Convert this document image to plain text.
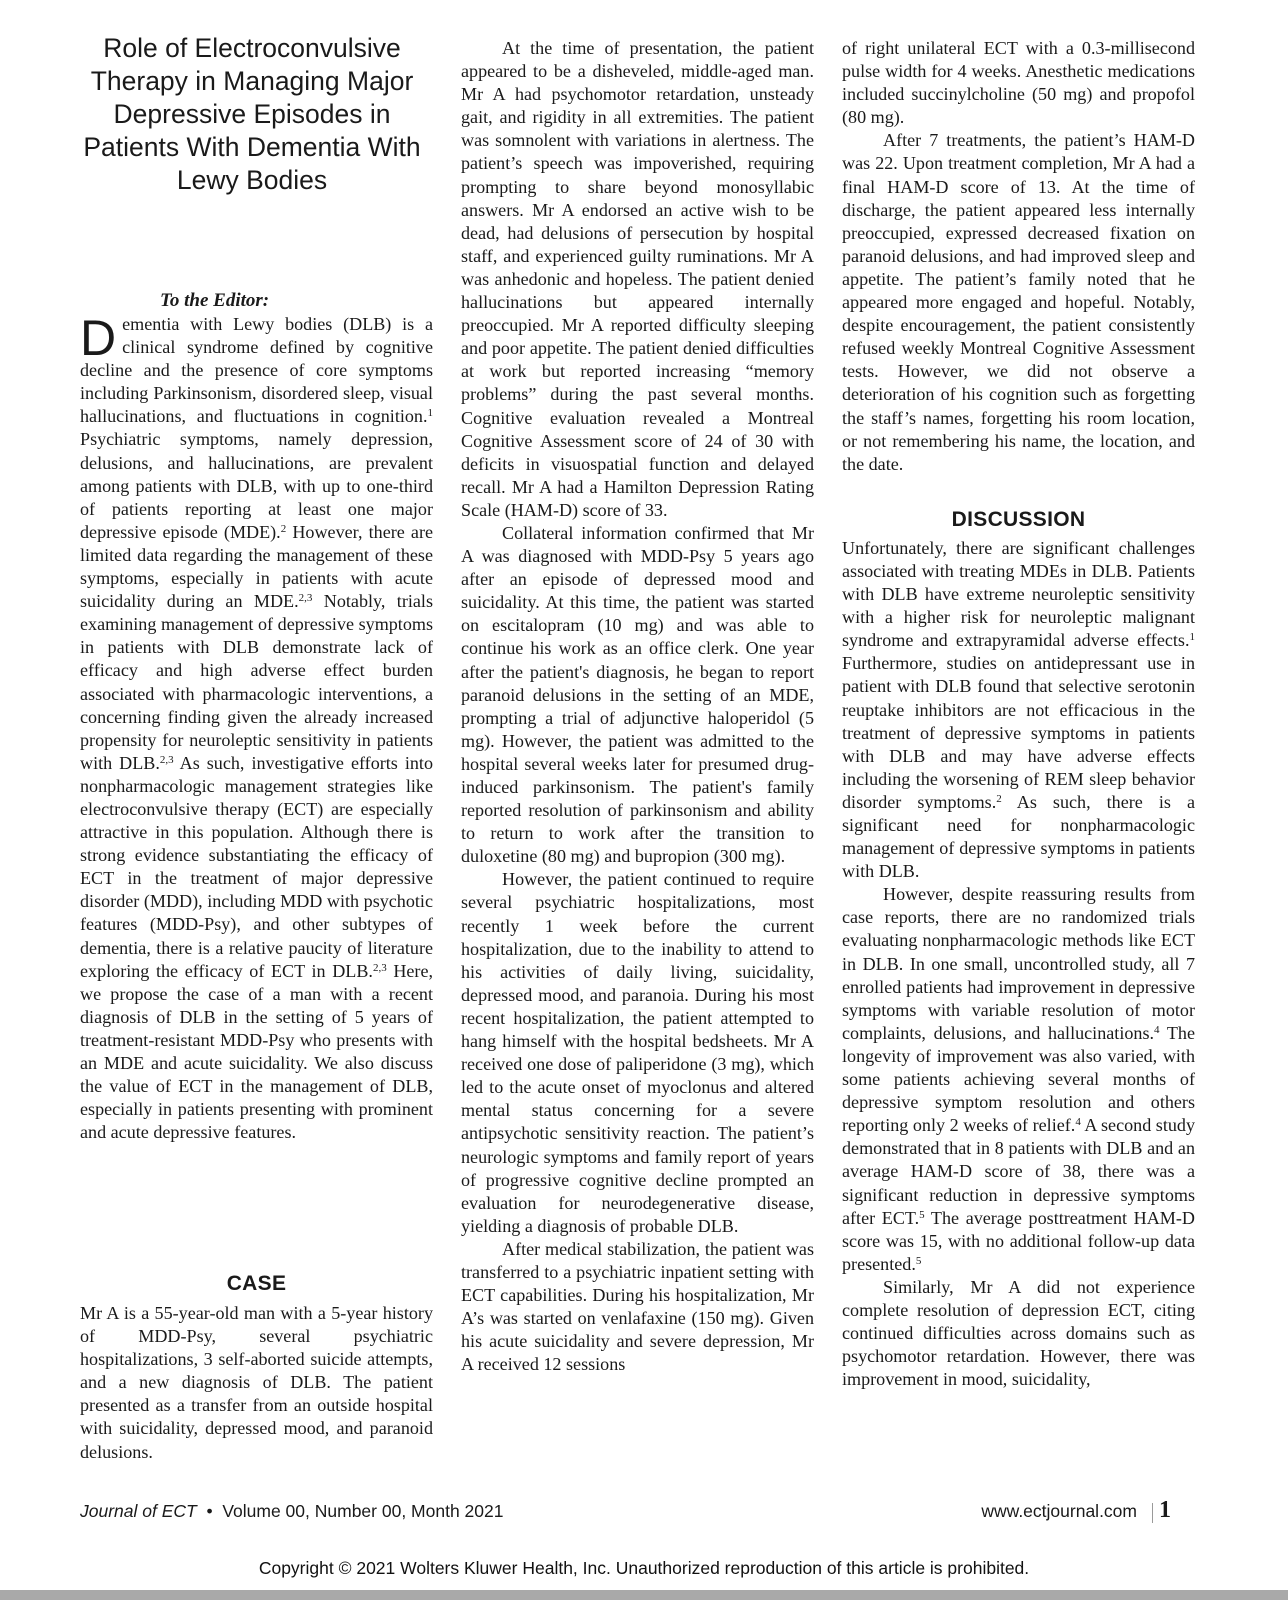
Role of Electroconvulsive Therapy in Managing Major Depressive Episodes in Patients With Dementia With Lewy Bodies
To the Editor:

Dementia with Lewy bodies (DLB) is a clinical syndrome defined by cognitive decline and the presence of core symptoms including Parkinsonism, disordered sleep, visual hallucinations, and fluctuations in cognition.$^1$ Psychiatric symptoms, namely depression, delusions, and hallucinations, are prevalent among patients with DLB, with up to one-third of patients reporting at least one major depressive episode (MDE).$^2$ However, there are limited data regarding the management of these symptoms, especially in patients with acute suicidality during an MDE.$^{2,3}$ Notably, trials examining management of depressive symptoms in patients with DLB demonstrate lack of efficacy and high adverse effect burden associated with pharmacologic interventions, a concerning finding given the already increased propensity for neuroleptic sensitivity in patients with DLB.$^{2,3}$ As such, investigative efforts into nonpharmacologic management strategies like electroconvulsive therapy (ECT) are especially attractive in this population. Although there is strong evidence substantiating the efficacy of ECT in the treatment of major depressive disorder (MDD), including MDD with psychotic features (MDD-Psy), and other subtypes of dementia, there is a relative paucity of literature exploring the efficacy of ECT in DLB.$^{2,3}$ Here, we propose the case of a man with a recent diagnosis of DLB in the setting of 5 years of treatment-resistant MDD-Psy who presents with an MDE and acute suicidality. We also discuss the value of ECT in the management of DLB, especially in patients presenting with prominent and acute depressive features.

CASE

Mr A is a 55-year-old man with a 5-year history of MDD-Psy, several psychiatric hospitalizations, 3 self-aborted suicide attempts, and a new diagnosis of DLB. The patient presented as a transfer from an outside hospital with suicidality, depressed mood, and paranoid delusions.

At the time of presentation, the patient appeared to be a disheveled, middle-aged man. Mr A had psychomotor retardation, unsteady gait, and rigidity in all extremities. The patient was somnolent with variations in alertness. The patient’s speech was impoverished, requiring prompting to share beyond monosyllabic answers. Mr A endorsed an active wish to be dead, had delusions of persecution by hospital staff, and experienced guilty ruminations. Mr A was anhedonic and hopeless. The patient denied hallucinations but appeared internally preoccupied. Mr A reported difficulty sleeping and poor appetite. The patient denied difficulties at work but reported increasing “memory problems” during the past several months. Cognitive evaluation revealed a Montreal Cognitive Assessment score of 24 of 30 with deficits in visuospatial function and delayed recall. Mr A had a Hamilton Depression Rating Scale (HAM-D) score of 33.

Collateral information confirmed that Mr A was diagnosed with MDD-Psy 5 years ago after an episode of depressed mood and suicidality. At this time, the patient was started on escitalopram (10 mg) and was able to continue his work as an office clerk. One year after the patient's diagnosis, he began to report paranoid delusions in the setting of an MDE, prompting a trial of adjunctive haloperidol (5 mg). However, the patient was admitted to the hospital several weeks later for presumed drug-induced parkinsonism. The patient's family reported resolution of parkinsonism and ability to return to work after the transition to duloxetine (80 mg) and bupropion (300 mg).

However, the patient continued to require several psychiatric hospitalizations, most recently 1 week before the current hospitalization, due to the inability to attend to his activities of daily living, suicidality, depressed mood, and paranoia. During his most recent hospitalization, the patient attempted to hang himself with the hospital bedsheets. Mr A received one dose of paliperidone (3 mg), which led to the acute onset of myoclonus and altered mental status concerning for a severe antipsychotic sensitivity reaction. The patient’s neurologic symptoms and family report of years of progressive cognitive decline prompted an evaluation for neurodegenerative disease, yielding a diagnosis of probable DLB.

After medical stabilization, the patient was transferred to a psychiatric inpatient setting with ECT capabilities. During his hospitalization, Mr A’s was started on venlafaxine (150 mg). Given his acute suicidality and severe depression, Mr A received 12 sessions

of right unilateral ECT with a 0.3-millisecond pulse width for 4 weeks. Anesthetic medications included succinylcholine (50 mg) and propofol (80 mg).

After 7 treatments, the patient’s HAM-D was 22. Upon treatment completion, Mr A had a final HAM-D score of 13. At the time of discharge, the patient appeared less internally preoccupied, expressed decreased fixation on paranoid delusions, and had improved sleep and appetite. The patient’s family noted that he appeared more engaged and hopeful. Notably, despite encouragement, the patient consistently refused weekly Montreal Cognitive Assessment tests. However, we did not observe a deterioration of his cognition such as forgetting the staff’s names, forgetting his room location, or not remembering his name, the location, and the date.

DISCUSSION

Unfortunately, there are significant challenges associated with treating MDEs in DLB. Patients with DLB have extreme neuroleptic sensitivity with a higher risk for neuroleptic malignant syndrome and extrapyramidal adverse effects.$^1$ Furthermore, studies on antidepressant use in patient with DLB found that selective serotonin reuptake inhibitors are not efficacious in the treatment of depressive symptoms in patients with DLB and may have adverse effects including the worsening of REM sleep behavior disorder symptoms.$^2$ As such, there is a significant need for nonpharmacologic management of depressive symptoms in patients with DLB.

However, despite reassuring results from case reports, there are no randomized trials evaluating nonpharmacologic methods like ECT in DLB. In one small, uncontrolled study, all 7 enrolled patients had improvement in depressive symptoms with variable resolution of motor complaints, delusions, and hallucinations.$^4$ The longevity of improvement was also varied, with some patients achieving several months of depressive symptom resolution and others reporting only 2 weeks of relief.$^4$ A second study demonstrated that in 8 patients with DLB and an average HAM-D score of 38, there was a significant reduction in depressive symptoms after ECT.$^5$ The average posttreatment HAM-D score was 15, with no additional follow-up data presented.$^5$

Similarly, Mr A did not experience complete resolution of depression ECT, citing continued difficulties across domains such as psychomotor retardation. However, there was improvement in mood, suicidality,

Journal of ECT • Volume 00, Number 00, Month 2021	www.ectjournal.com 1
Copyright © 2021 Wolters Kluwer Health, Inc. Unauthorized reproduction of this article is prohibited.
